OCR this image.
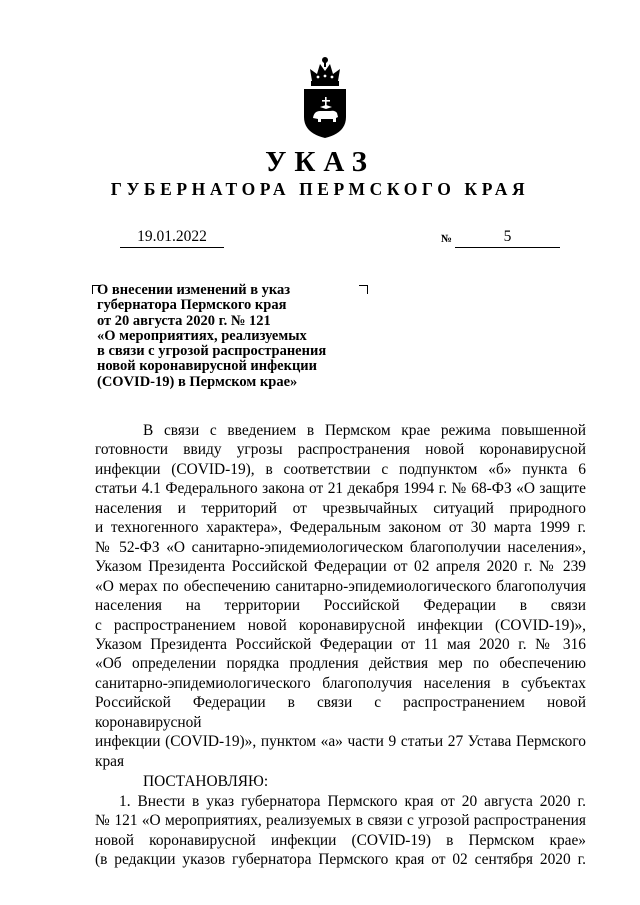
УКАЗ
ГУБЕРНАТОРА ПЕРМСКОГО КРАЯ
19.01.2022	№	5
О внесении изменений в указ
губернатора Пермского края
от 20 августа 2020 г. № 121
«О мероприятиях, реализуемых
в связи с угрозой распространения
новой коронавирусной инфекции
(COVID-19) в Пермском крае»
В связи с введением в Пермском крае режима повышенной
готовности ввиду угрозы распространения новой коронавирусной
инфекции (COVID-19), в соответствии с подпунктом «б» пункта 6
статьи 4.1 Федерального закона от 21 декабря 1994 г. № 68-ФЗ «О защите
населения и территорий от чрезвычайных ситуаций природного
и техногенного характера», Федеральным законом от 30 марта 1999 г.
№ 52-ФЗ «О санитарно-эпидемиологическом благополучии населения»,
Указом Президента Российской Федерации от 02 апреля 2020 г. № 239
«О мерах по обеспечению санитарно-эпидемиологического благополучия
населения на территории Российской Федерации в связи
с распространением новой коронавирусной инфекции (COVID-19)»,
Указом Президента Российской Федерации от 11 мая 2020 г. № 316
«Об определении порядка продления действия мер по обеспечению
санитарно-эпидемиологического благополучия населения в субъектах
Российской Федерации в связи с распространением новой коронавирусной
инфекции (COVID-19)», пунктом «а» части 9 статьи 27 Устава Пермского
края
ПОСТАНОВЛЯЮ:
1. Внести в указ губернатора Пермского края от 20 августа 2020 г.
№ 121 «О мероприятиях, реализуемых в связи с угрозой распространения
новой коронавирусной инфекции (COVID-19) в Пермском крае»
(в редакции указов губернатора Пермского края от 02 сентября 2020 г.
